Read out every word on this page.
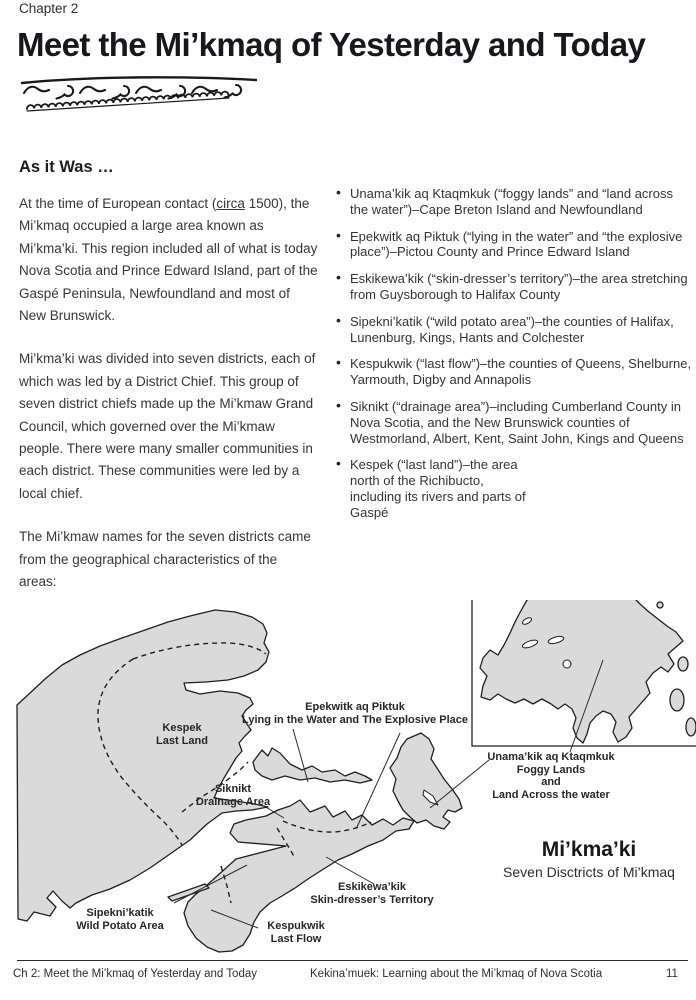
Chapter 2
Meet the Mi’kmaq of Yesterday and Today
As it Was …

At the time of European contact (circa 1500), the Mi’kmaq occupied a large area known as Mi’kma’ki. This region included all of what is today Nova Scotia and Prince Edward Island, part of the Gaspé Peninsula, Newfoundland and most of New Brunswick.

Mi’kma’ki was divided into seven districts, each of which was led by a District Chief. This group of seven district chiefs made up the Mi’kmaw Grand Council, which governed over the Mi’kmaw people. There were many smaller communities in each district. These communities were led by a local chief.

The Mi’kmaw names for the seven districts came from the geographical characteristics of the areas:

• Unama’kik aq Ktaqmkuk (“foggy lands” and “land across the water”)–Cape Breton Island and Newfoundland
• Epekwitk aq Piktuk (“lying in the water” and “the explosive place”)–Pictou County and Prince Edward Island
• Eskikewa’kik (“skin-dresser’s territory”)–the area stretching from Guysborough to Halifax County
• Sipekni’katik (“wild potato area”)–the counties of Halifax, Lunenburg, Kings, Hants and Colchester
• Kespukwik (“last flow”)–the counties of Queens, Shelburne, Yarmouth, Digby and Annapolis
• Siknikt (“drainage area”)–including Cumberland County in Nova Scotia, and the New Brunswick counties of Westmorland, Albert, Kent, Saint John, Kings and Queens
• Kespek (“last land”)–the area north of the Richibucto, including its rivers and parts of Gaspé
Kespek
Last Land
Siknikt
Drainage Area
Epekwitk aq Piktuk
Lying in the Water and The Explosive Place
Unama’kik aq Ktaqmkuk
Foggy Lands
and
Land Across the water
Sipekni’katik
Wild Potato Area	Kespukwik
Last Flow
Eskikewa’kik
Skin-dresser’s Territory
Mi’kma’ki
Seven Disctricts of Mi’kmaq
Ch 2: Meet the Mi’kmaq of Yesterday and Today	Kekina’muek: Learning about the Mi’kmaq of Nova Scotia	11
